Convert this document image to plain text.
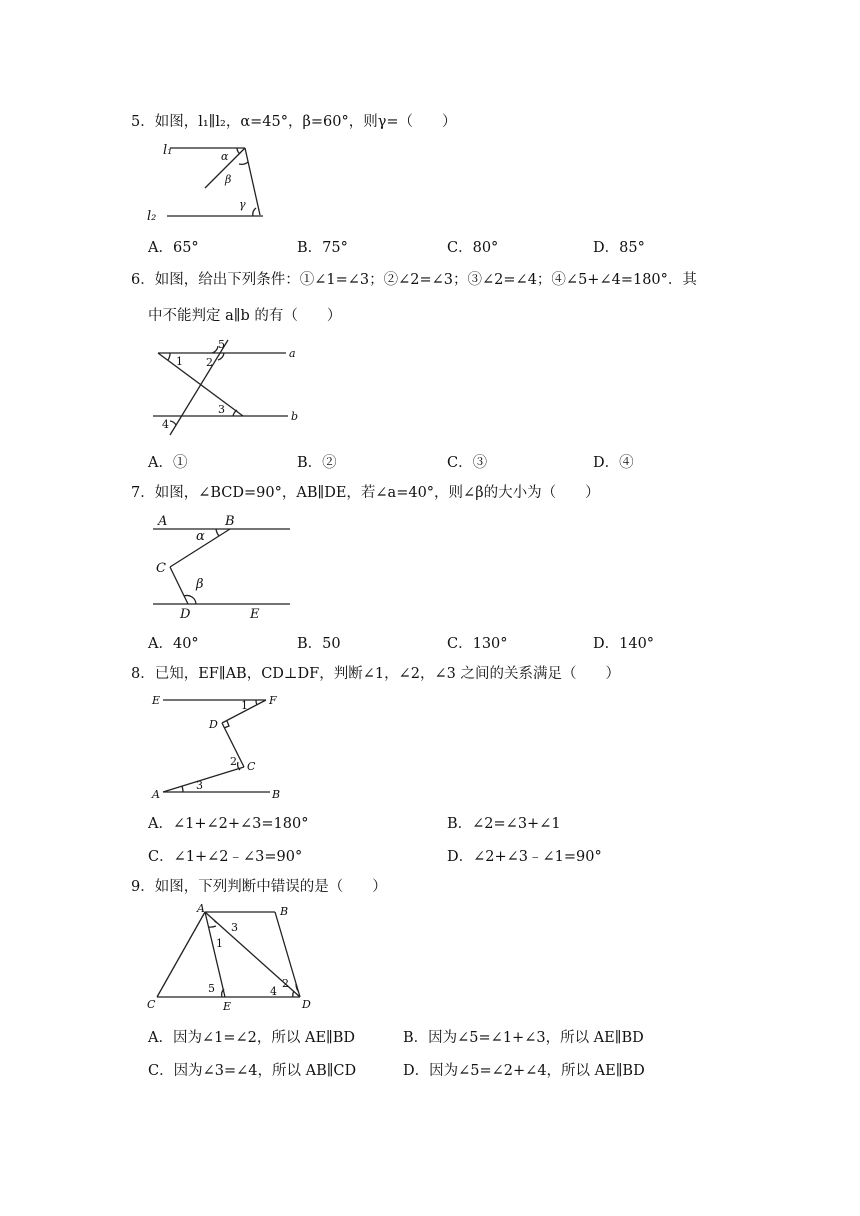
5．如图，l₁∥l₂，α=45°，β=60°，则γ=（　　）
l₁
l₂
α
β
γ
A．65°	B．75°	C．80°	D．85°
6．如图，给出下列条件：①∠1=∠3；②∠2=∠3；③∠2=∠4；④∠5+∠4=180°．其
中不能判定 a∥b 的有（　　）
1 2
5
3
4
a
b
A．①	B．②	C．③	D．④
7．如图，∠BCD=90°，AB∥DE，若∠a=40°，则∠β的大小为（　　）
A	B
C
D	E
α
β
A．40°	B．50	C．130°	D．140°
8．已知，EF∥AB，CD⊥DF，判断∠1，∠2，∠3 之间的关系满足（　　）
E	F
1
D
2 C
3
A	B
A．∠1+∠2+∠3=180°	B．∠2=∠3+∠1
C．∠1+∠2﹣∠3=90°	D．∠2+∠3﹣∠1=90°
9．如图，下列判断中错误的是（　　）
A	B
C	D
E
1
2
3
4
5
A．因为∠1=∠2，所以 AE∥BD	B．因为∠5=∠1+∠3，所以 AE∥BD
C．因为∠3=∠4，所以 AB∥CD	D．因为∠5=∠2+∠4，所以 AE∥BD
